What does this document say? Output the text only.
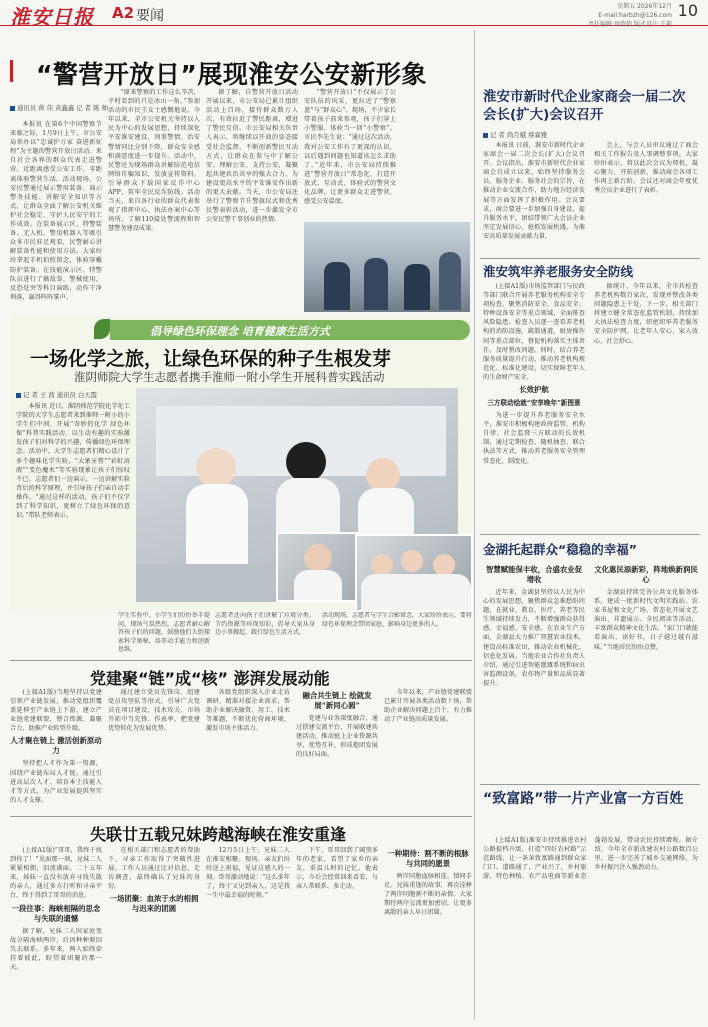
淮安日报 A2 要闻
星期五 2026年12月
E-mail:harbzh@126.com
责任编辑:周倩倩 版式设计:王莉
10
“警营开放日”展现淮安公安新形象
通讯员 蒋 伟 黄鑫鑫 记 者 陈 帅

本报讯 在第6个中国警察节来临之际，1月9日上午，市公安局举办以“忠诚护万家 奋进新征程”为主题的警营开放日活动。来自社会各界的群众代表走进警营，近距离感受公安工作，零距离体验警营生活。活动现场，公安民警通过展示警用装备、演示警务技能、讲解安全知识等方式，让群众全面了解公安机关维护社会稳定、守护人民安宁的工作成效。在装备展示区，特警装备、无人机、警用机器人等吸引众多市民驻足观看，民警耐心讲解装备性能和使用方法。大家纷纷拿起手机拍照留念，体验穿戴防护装备。在技能演示区，特警队员进行了擒敌拳、警械使用、反恐处突等科目演练，动作干净利落，赢得阵阵掌声。

“原来警察的工作这么辛苦，平时看到的只是冰山一角。”参加活动的市民王女士感慨地说。今年以来，全市公安机关坚持以人民为中心的发展思想，持续深化平安淮安建设，刑事警情、治安警情同比分别下降，群众安全感和满意度进一步提升。活动中，民警还为现场群众讲解防范电信网络诈骗知识，发放宣传资料，引导群众下载国家反诈中心APP，筑牢全民反诈防线。活动当天，来自各行业的群众代表参观了指挥中心、执法办案中心等场所，了解110接处警流程和智慧警务建设成果。

据了解，自警营开放日活动开展以来，市公安局已累计组织活动上百场，接待群众数万人次，有效拉近了警民距离，增进了警民互信。市公安局相关负责人表示，将继续以开放的姿态接受社会监督，不断创新警民互动方式，让群众在参与中了解公安、理解公安、支持公安，凝聚起共建共治共享的强大合力，为建设更高水平的平安淮安作出新的更大贡献。当天，市公安局还举行了警察节升警旗仪式和优秀民警表彰活动，进一步激发全市公安民警干事创业的热情。

“警营开放日”不仅展示了公安队伍的风采，更拉近了“警察蓝”与“群众心”。现场，不少家长带着孩子前来参观，孩子们穿上小警服，体验当一回“小警察”。市民李先生说：“通过这次活动，我对公安工作有了更深的认识，以后遇到问题也知道该怎么求助了。”近年来，市公安局持续推进“警营开放日”常态化，打造开放式、互动式、体验式的警营文化品牌，让更多群众走进警营，感受公安温度。

淮安市新时代企业家商会一届二次会长(扩大)会议召开
记 者 尚月娥 蔡霖雅

本报讯 日前，淮安市新时代企业家商会一届二次会长(扩大)会议召开。会议指出，淮安市新时代企业家商会自成立以来，始终坚持服务会员、服务企业、服务社会的宗旨，在推动企业交流合作、助力地方经济发展等方面发挥了积极作用。会议要求，商会要进一步加强自身建设，提升服务水平，团结带领广大会员企业坚定发展信心，抢抓发展机遇，为淮安高质量发展贡献力量。

会上，与会人员审议通过了商会相关工作报告及人事调整事项。大家纷纷表示，将以此次会议为契机，凝心聚力、开拓创新，推动商会各项工作再上新台阶。会议还对商会年度优秀会员企业进行了表彰。

淮安筑牢养老服务安全防线

(上接A1版)市场监管部门与民政等部门联合开展养老服务机构安全专项检查，聚焦消防安全、食品安全、特种设备安全等重点领域，全面排查风险隐患。检查人员逐一查看养老机构的消防设施、疏散通道、厨房操作间等重点部位，督促机构落实主体责任，及时整改问题。同时，结合养老服务质量提升行动，推动养老机构规范化、标准化建设，切实保障老年人的生命财产安全。

长效护航

三方联动绘就“安享晚年”新图景

为进一步提升养老服务安全水平，淮安市积极构建政府监管、机构自律、社会监督三方联动的长效机制，通过定期检查、随机抽查、联合执法等方式，推动养老服务安全管理常态化、制度化。

据统计，今年以来，全市共检查养老机构数百家次，发现并整改各类问题隐患上千处。下一步，相关部门将建立健全常态化监管机制，持续加大执法检查力度，织密织牢养老服务安全防护网，让老年人安心、家人放心、社会舒心。

金湖托起群众“稳稳的幸福”

智慧赋能保丰收，合盛农业促增收

近年来，金湖县坚持以人民为中心的发展思想，聚焦群众急难愁盼问题，在就业、教育、医疗、养老等民生领域持续发力，不断增强群众获得感、幸福感、安全感。在农业生产方面，金湖县大力推广智慧农业技术，建设高标准农田，推动农业机械化、信息化发展。当地农业合作社负责人介绍，通过引进智能灌溉系统和病虫害监测设备，农作物产量和品质显著提升。

文化惠民添新彩，阵地焕新润民心

金湖县持续完善公共文化服务体系，建成一批新时代文明实践站、农家书屋和文化广场，常态化开展文艺演出、非遗展示、全民阅读等活动，丰富群众精神文化生活。“家门口就能看演出、读好书，日子越过越有滋味。”当地居民纷纷点赞。

“致富路”带一片产业富一方百姓

(上接A1版)淮安市持续推进农村公路提档升级，打造“四好农村路”示范路线，让一条条致富路通到群众家门口。道路通了，产业兴了，乡村旅游、特色种植、农产品电商等新业态蓬勃发展，带动农民持续增收。据介绍，今年全市新改建农村公路数百公里，进一步完善了城乡交通网络，为乡村振兴注入强劲动力。

倡导绿色环保理念 培育健康生活方式
一场化学之旅，让绿色环保的种子生根发芽
淮阴师院大学生志愿者携手淮师一附小学生开展科普实践活动
记 者 王 茜 通讯员 白天霞

本报讯 近日，淮阴师范学院化学化工学院的大学生志愿者来到淮师一附小的小学生们中间，开展“奇妙的化学 绿色环保”科普实践活动，以生动有趣的实验激发孩子们对科学的兴趣，传播绿色环保理念。活动中，大学生志愿者们精心设计了多个趣味化学实验，“大象牙膏”“彩虹溶液”“变色魔术”等实验现象让孩子们惊叹不已。志愿者们一边演示，一边讲解实验背后的科学原理，并引导孩子们亲自动手操作。“通过这样的活动，孩子们不仅学到了科学知识，更树立了绿色环保的意识。”带队老师表示。

学生实验中，小学生们纷纷举手提问，现场气氛热烈。志愿者耐心解答孩子们的问题，鼓励他们大胆探索科学奥秘，培养动手能力和创新思维。
志愿者还向孩子们讲解了垃圾分类、节约资源等环保知识，倡导大家从身边小事做起，践行绿色生活方式。
活动现场，志愿者与学生合影留念。大家纷纷表示，要将绿色环保理念带回家庭，影响身边更多的人。
党建聚“链”成“核” 澎湃发展动能

(上接A1版)当地坚持以党建引领产业链发展，推动党组织覆盖延伸至产业链上下游，建立产业链党建联盟，整合资源、凝聚合力，助推产业转型升级。

人才聚在链上 激活创新原动力

坚持把人才作为第一资源，围绕产业链布局人才链，通过引进高层次人才、培育本土技能人才等方式，为产业发展提供坚实的人才支撑。

通过建立党员先锋岗、组建党员攻坚队等形式，引导广大党员在项目建设、技术攻关、市场开拓中当先锋、作表率，把党建优势转化为发展优势。

各级党组织深入企业走访调研，精准对接企业需求，帮助企业解决融资、用工、技术等难题，不断优化营商环境，激发市场主体活力。

融合共生链上 绘就发展“新同心圆”

党建与业务深度融合，通过搭建交流平台、开展联建共建活动，推动链上企业资源共享、优势互补，形成抱团发展的良好局面。

今年以来，产业链党建联盟已累计开展各类活动数十场，帮助企业解决问题上百个，有力推动了产业链高质量发展。

失联廿五载兄妹跨越海峡在淮安重逢

(上接A1版)“哥哥，我终于找到你了！”见面那一刻，兄妹二人紧紧相拥，泪流满面。二十五年来，妹妹一直没有放弃寻找失散的亲人，通过多方打听和寻亲平台，终于得到了哥哥的消息。

一段往事：海峡相隔的思念与失联的遗憾

据了解，兄妹二人因家庭变故分隔海峡两岸，后因种种原因失去联系。多年来，两人始终牵挂着彼此，盼望着团聚的那一天。

在相关部门和志愿者的帮助下，寻亲工作取得了突破性进展。工作人员通过比对信息、走访调查，最终确认了兄妹的身份。

一场团聚：血浓于水的相拥与迟来的团圆

12月5日上午，兄妹二人在淮安相聚。现场，亲友们纷纷送上祝福，见证这感人的一刻。哥哥激动地说：“这么多年了，终于又见到亲人，这是我一生中最幸福的时刻。”

下午，哥哥回到了阔别多年的老家，看望了家乡的亲友，重温儿时的记忆。他表示，今后会经常回来看看，与亲人常联系、多走动。

一种期待：割不断的根脉与共同的愿景

两岸同胞血脉相连、情同手足。兄妹重逢的故事，再次诠释了两岸同胞割不断的亲情。大家期待两岸交流更加密切，让更多离散的亲人早日团圆。
